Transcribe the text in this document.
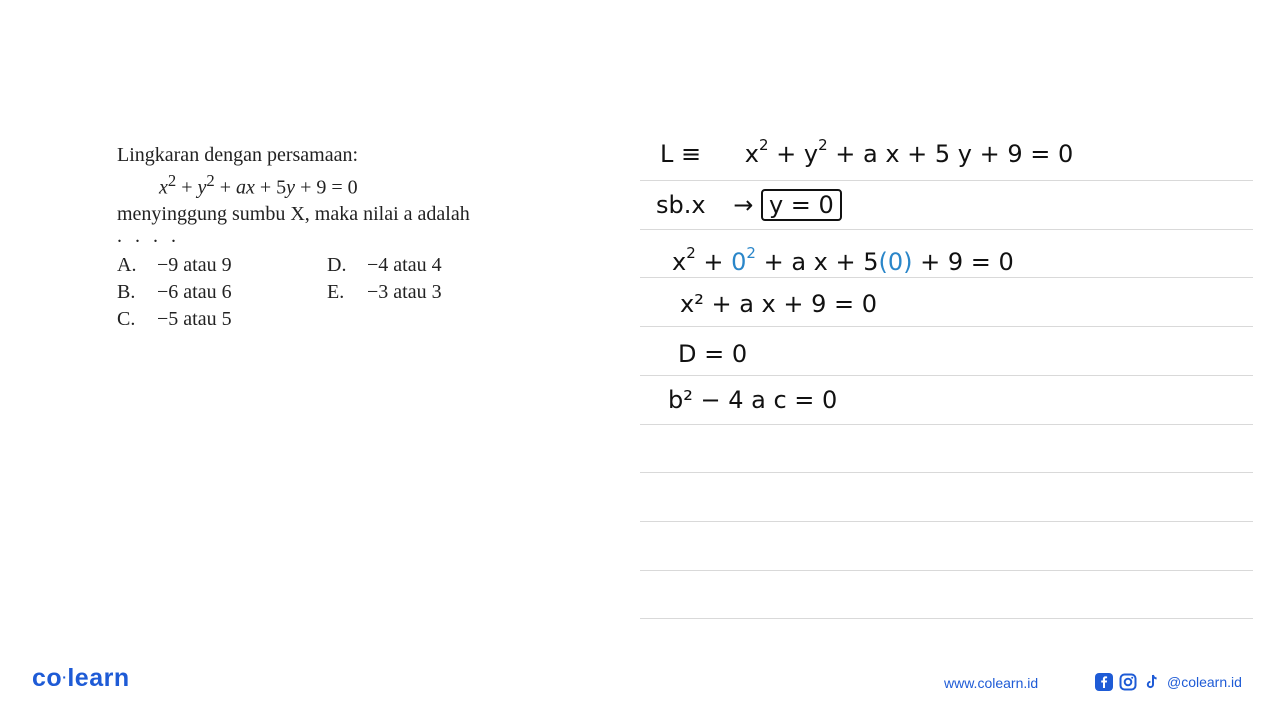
Lingkaran dengan persamaan:
$x^2 + y^2$ + ax + 5y + 9 = 0
menyinggung sumbu X, maka nilai a adalah
. . . .
A. −9 atau 9
B. −6 atau 6
C. −5 atau 5
D. −4 atau 4
E. −3 atau 3
$L \equiv x^2 + y^2 + a$ x + 5 y + 9 = 0
sb.x → y = 0
$x^2 + 0^2 + a$ x + 5(0) + 9 = 0
x² + a x + 9 = 0
D = 0
b² − 4 a c = 0
co·learn	www.colearn.id	@colearn.id
